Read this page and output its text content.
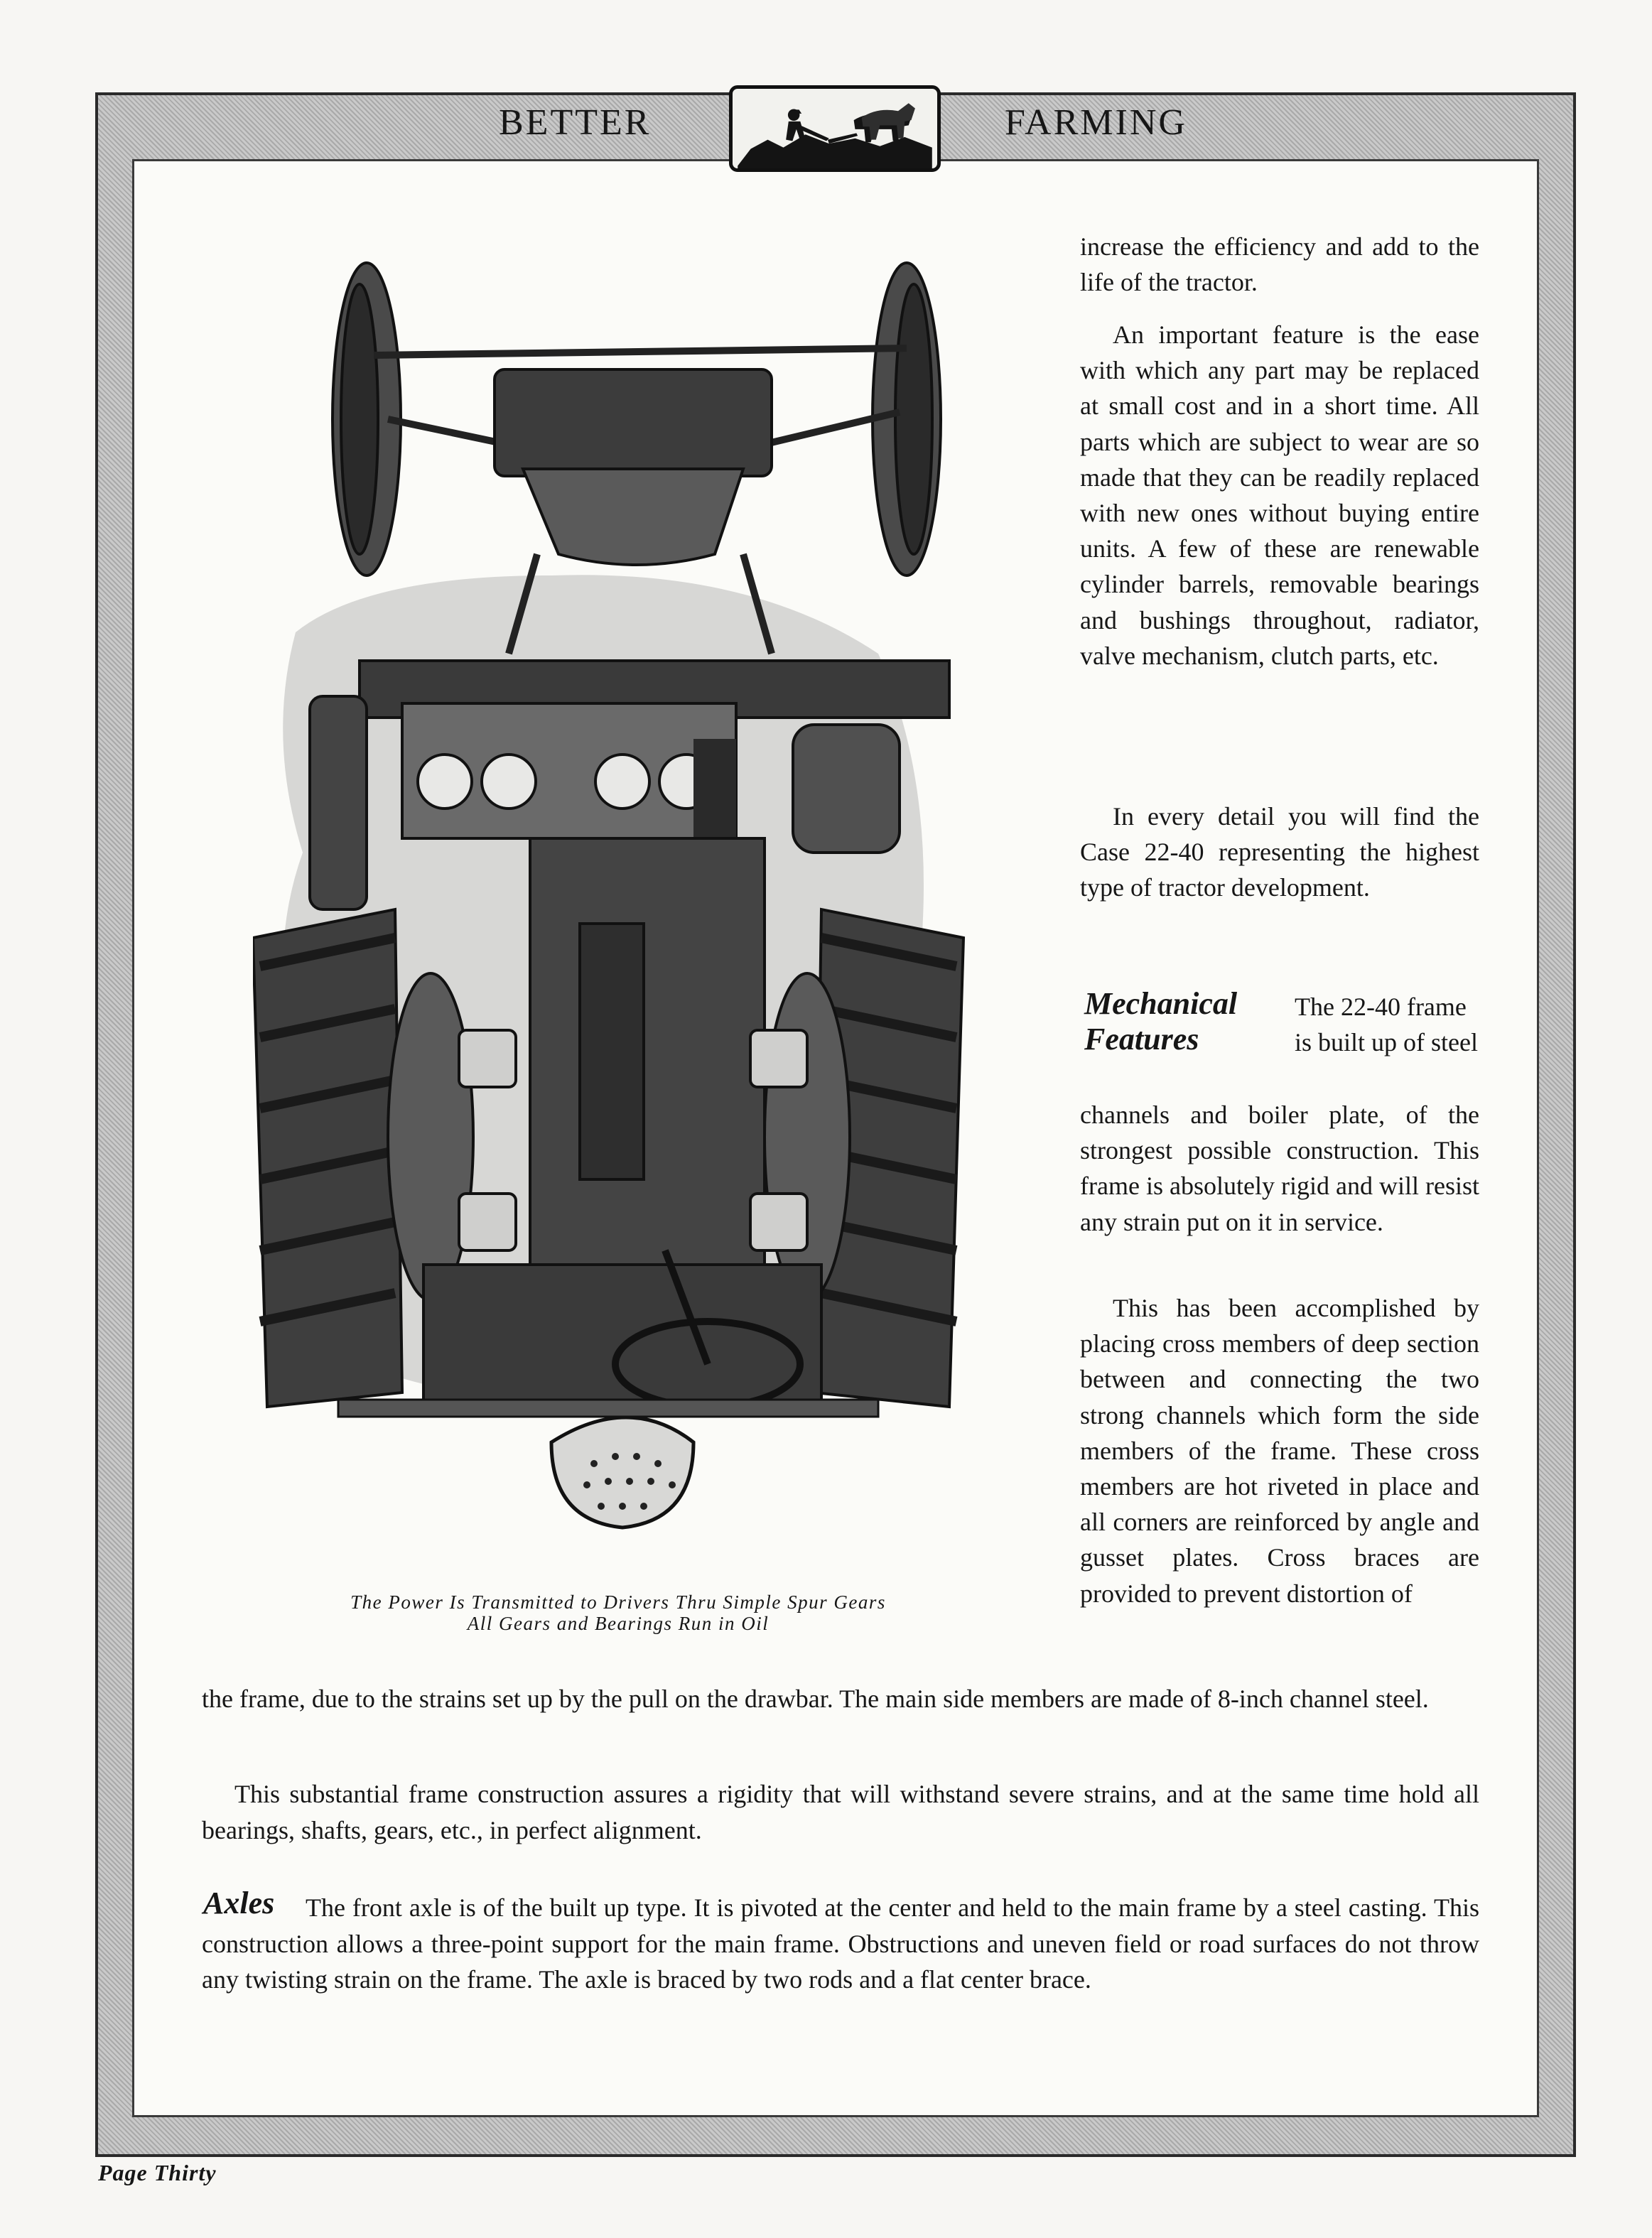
BETTER	FARMING
The Power Is Transmitted to Drivers Thru Simple Spur Gears
All Gears and Bearings Run in Oil

increase the efficiency and add to the life of the tractor.

An important feature is the ease with which any part may be replaced at small cost and in a short time. All parts which are subject to wear are so made that they can be readily replaced with new ones without buying entire units. A few of these are renewable cylinder barrels, removable bearings and bushings throughout, radiator, valve mechanism, clutch parts, etc.

In every detail you will find the Case 22-40 representing the highest type of tractor development.

Mechanical
Features

The 22-40 frame is built up of steel

channels and boiler plate, of the strongest possible construction. This frame is absolutely rigid and will resist any strain put on it in service.

This has been accomplished by placing cross members of deep section between and connecting the two strong channels which form the side members of the frame. These cross members are hot riveted in place and all corners are reinforced by angle and gusset plates. Cross braces are provided to prevent distortion of

the frame, due to the strains set up by the pull on the drawbar. The main side members are made of 8-inch channel steel.

This substantial frame construction assures a rigidity that will withstand severe strains, and at the same time hold all bearings, shafts, gears, etc., in perfect alignment.

Axles	The front axle is of the built up type. It is pivoted at the center and held to the main frame by a steel casting. This construction allows a three-point support for the main frame. Obstructions and uneven field or road surfaces do not throw any twisting strain on the frame. The axle is braced by two rods and a flat center brace.

Page Thirty
